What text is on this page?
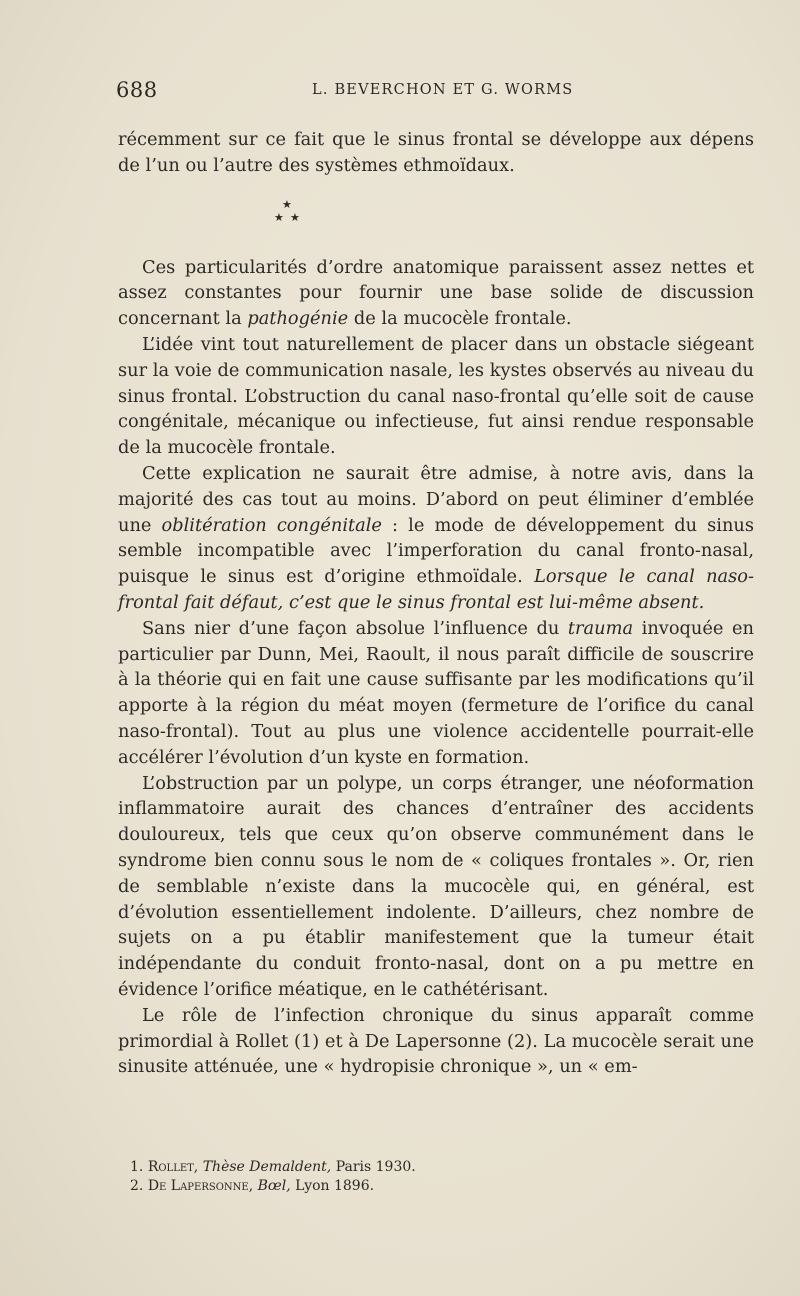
688	L. BEVERCHON ET G. WORMS

récemment sur ce fait que le sinus frontal se développe aux dépens de l’un ou l’autre des systèmes ethmoïdaux.

★
★ ★

Ces particularités d’ordre anatomique paraissent assez nettes et assez constantes pour fournir une base solide de discussion concernant la pathogénie de la mucocèle frontale.

L’idée vint tout naturellement de placer dans un obstacle siégeant sur la voie de communication nasale, les kystes observés au niveau du sinus frontal. L’obstruction du canal naso-frontal qu’elle soit de cause congénitale, mécanique ou infectieuse, fut ainsi rendue responsable de la mucocèle frontale.

Cette explication ne saurait être admise, à notre avis, dans la majorité des cas tout au moins. D’abord on peut éliminer d’emblée une oblitération congénitale : le mode de développement du sinus semble incompatible avec l’imperforation du canal fronto-nasal, puisque le sinus est d’origine ethmoïdale. Lorsque le canal naso-frontal fait défaut, c’est que le sinus frontal est lui-même absent.

Sans nier d’une façon absolue l’influence du trauma invoquée en particulier par Dunn, Mei, Raoult, il nous paraît difficile de souscrire à la théorie qui en fait une cause suffisante par les modifications qu’il apporte à la région du méat moyen (fermeture de l’orifice du canal naso-frontal). Tout au plus une violence accidentelle pourrait-elle accélérer l’évolution d’un kyste en formation.

L’obstruction par un polype, un corps étranger, une néoformation inflammatoire aurait des chances d’entraîner des accidents douloureux, tels que ceux qu’on observe communément dans le syndrome bien connu sous le nom de « coliques frontales ». Or, rien de semblable n’existe dans la mucocèle qui, en général, est d’évolution essentiellement indolente. D’ailleurs, chez nombre de sujets on a pu établir manifestement que la tumeur était indépendante du conduit fronto-nasal, dont on a pu mettre en évidence l’orifice méatique, en le cathétérisant.

Le rôle de l’infection chronique du sinus apparaît comme primordial à Rollet (1) et à De Lapersonne (2). La mucocèle serait une sinusite atténuée, une « hydropisie chronique », un « em-

1. Rollet, Thèse Demaldent, Paris 1930.
2. De Lapersonne, Bœl, Lyon 1896.
